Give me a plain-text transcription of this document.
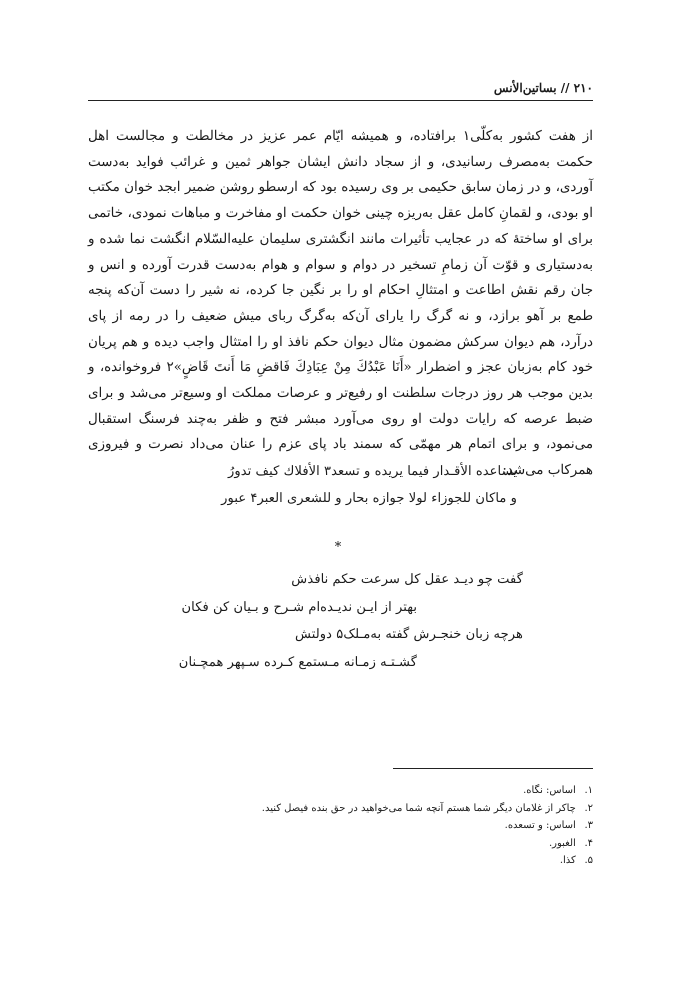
۲۱۰ // بساتین‌الأنس

از هفت کشور به‌کلّی۱ برافتاده، و همیشه ایّام عمر عزیز در مخالطت و مجالست اهل حکمت به‌مصرف رسانیدی، و از سجاد دانش ایشان جواهر ثمین و غرائب فواید به‌دست آوردی، و در زمان سابق حکیمی بر وی رسیده بود که ارسطو روشن ضمیر ابجد خوان مکتب او بودی، و لقمانِ کامل عقل به‌ریزه چینی خوان حکمت او مفاخرت و مباهات نمودی، خاتمی برای او ساختهٔ که در عجایب تأثیرات مانند انگشتری سلیمان علیه‌السّلام انگشت نما شده و به‌دستیاری و قوّت آن زمامِ تسخیر در دوام و سوام و هوام به‌دست قدرت آورده و انس و جان رقم نقش اطاعت و امتثالِ احکام او را بر نگین جا کرده، نه شیر را دست آن‌که پنجه طمع بر آهو برازد، و نه گرگ را یارای آن‌که به‌گرگ ربای میش ضعیف را در رمه از پای درآرد، هم دیوان سرکش مضمون مثال دیوان حکم نافذ او را امتثال واجب دیده و هم پریان خود کام به‌زبان عجز و اضطرار «أَنَا عَبْدُكَ مِنْ عِبَادِكَ فَاقضِ مَا أَنتَ قَاضٍ»۲ فروخوانده، و بدین موجب هر روز درجات سلطنت او رفیع‌تر و عرصات مملکت او وسیع‌تر می‌شد و برای ضبط عرصه که رایات دولت او روی می‌آورد مبشر فتح و ظفر به‌چند فرسنگ استقبال می‌نمود، و برای اتمام هر مهمّی که سمند باد پای عزم را عنان می‌داد نصرت و فیروزی همرکاب می‌شد:

یساعده الأقـدار فیما یریده و تسعد۳ الأفلاك کیف تدورُ
و ماکان للجوزاء لولا جوازه بحار و للشعری العبر۴ عبور
*
گفت چو دیـد عقل کل سرعت حکم نافذش
بهتر از ایـن ندیـده‌ام شـرح و بـیان کن فکان
هرچه زبان خنجـرش گفته به‌مـلک۵ دولتش
گشـتـه زمـانه مـستمع کـرده سـپهر همچـنان
۱. اساس: نگاه.
۲. چاکر از غلامان دیگر شما هستم آنچه شما می‌خواهید در حق بنده فیصل کنید.
۳. اساس: و تسعده.
۴. الغبور.
۵. کذا.
